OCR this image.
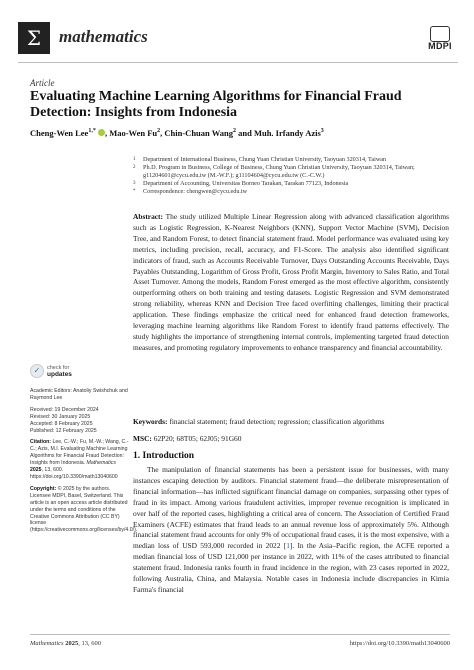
Σ	mathematics	MDPI
Article
Evaluating Machine Learning Algorithms for Financial Fraud Detection: Insights from Indonesia
Cheng-Wen Lee$^{1,*}$ , Mao-Wen Fu$^2$, Chin-Chuan Wang$^2$ and Muh. Irfandy Azis$^3$
1 Department of International Business, Chung Yuan Christian University, Taoyuan 320314, Taiwan
2 Ph.D. Program in Business, College of Business, Chung Yuan Christian University, Taoyuan 320314, Taiwan;
g11204601@cycu.edu.tw (M.-W.F.); g11104604@cycu.edu.tw (C.-C.W.)
3 Department of Accounting, Universitas Borneo Tarakan, Tarakan 77123, Indonesia
* Correspondence: chengwen@cycu.edu.tw
Abstract: The study utilized Multiple Linear Regression along with advanced classification algorithms such as Logistic Regression, K-Nearest Neighbors (KNN), Support Vector Machine (SVM), Decision Tree, and Random Forest, to detect financial statement fraud. Model performance was evaluated using key metrics, including precision, recall, accuracy, and F1-Score. The analysis also identified significant indicators of fraud, such as Accounts Receivable Turnover, Days Outstanding Accounts Receivable, Days Payables Outstanding, Logarithm of Gross Profit, Gross Profit Margin, Inventory to Sales Ratio, and Total Asset Turnover. Among the models, Random Forest emerged as the most effective algorithm, consistently outperforming others on both training and testing datasets. Logistic Regression and SVM demonstrated strong reliability, whereas KNN and Decision Tree faced overfitting challenges, limiting their practical application. These findings emphasize the critical need for enhanced fraud detection frameworks, leveraging machine learning algorithms like Random Forest to identify fraud patterns effectively. The study highlights the importance of strengthening internal controls, implementing targeted fraud detection measures, and promoting regulatory improvements to enhance transparency and financial accountability.
Keywords: financial statement; fraud detection; regression; classification algorithms
MSC: 62P20; 68T05; 62J05; 91G60
✓	check for
updates
Academic Editors: Anatoliy Swishchuk and Raymond Lee
Received: 19 December 2024
Revised: 30 January 2025
Accepted: 8 February 2025
Published: 12 February 2025
Citation: Lee, C.-W.; Fu, M.-W.; Wang, C.-C.; Azis, M.I. Evaluating Machine Learning Algorithms for Financial Fraud Detection: Insights from Indonesia. Mathematics 2025, 13, 600. https://doi.org/10.3390/math13040600
Copyright: © 2025 by the authors. Licensee MDPI, Basel, Switzerland. This article is an open access article distributed under the terms and conditions of the Creative Commons Attribution (CC BY) license (https://creativecommons.org/licenses/by/4.0/).
1. Introduction
The manipulation of financial statements has been a persistent issue for businesses, with many instances escaping detection by auditors. Financial statement fraud—the deliberate misrepresentation of financial information—has inflicted significant financial damage on companies, surpassing other types of fraud in its impact. Among various fraudulent activities, improper revenue recognition is implicated in over half of the reported cases, highlighting a critical area of concern. The Association of Certified Fraud Examiners (ACFE) estimates that fraud leads to an annual revenue loss of approximately 5%. Although financial statement fraud accounts for only 9% of occupational fraud cases, it is the most expensive, with a median loss of USD 593,000 recorded in 2022 [1]. In the Asia–Pacific region, the ACFE reported a median financial loss of USD 121,000 per instance in 2022, with 11% of the cases attributed to financial statement fraud. Indonesia ranks fourth in fraud incidence in the region, with 23 cases reported in 2022, following Australia, China, and Malaysia. Notable cases in Indonesia include discrepancies in Kimia Farma's financial
Mathematics 2025, 13, 600	https://doi.org/10.3390/math13040600
